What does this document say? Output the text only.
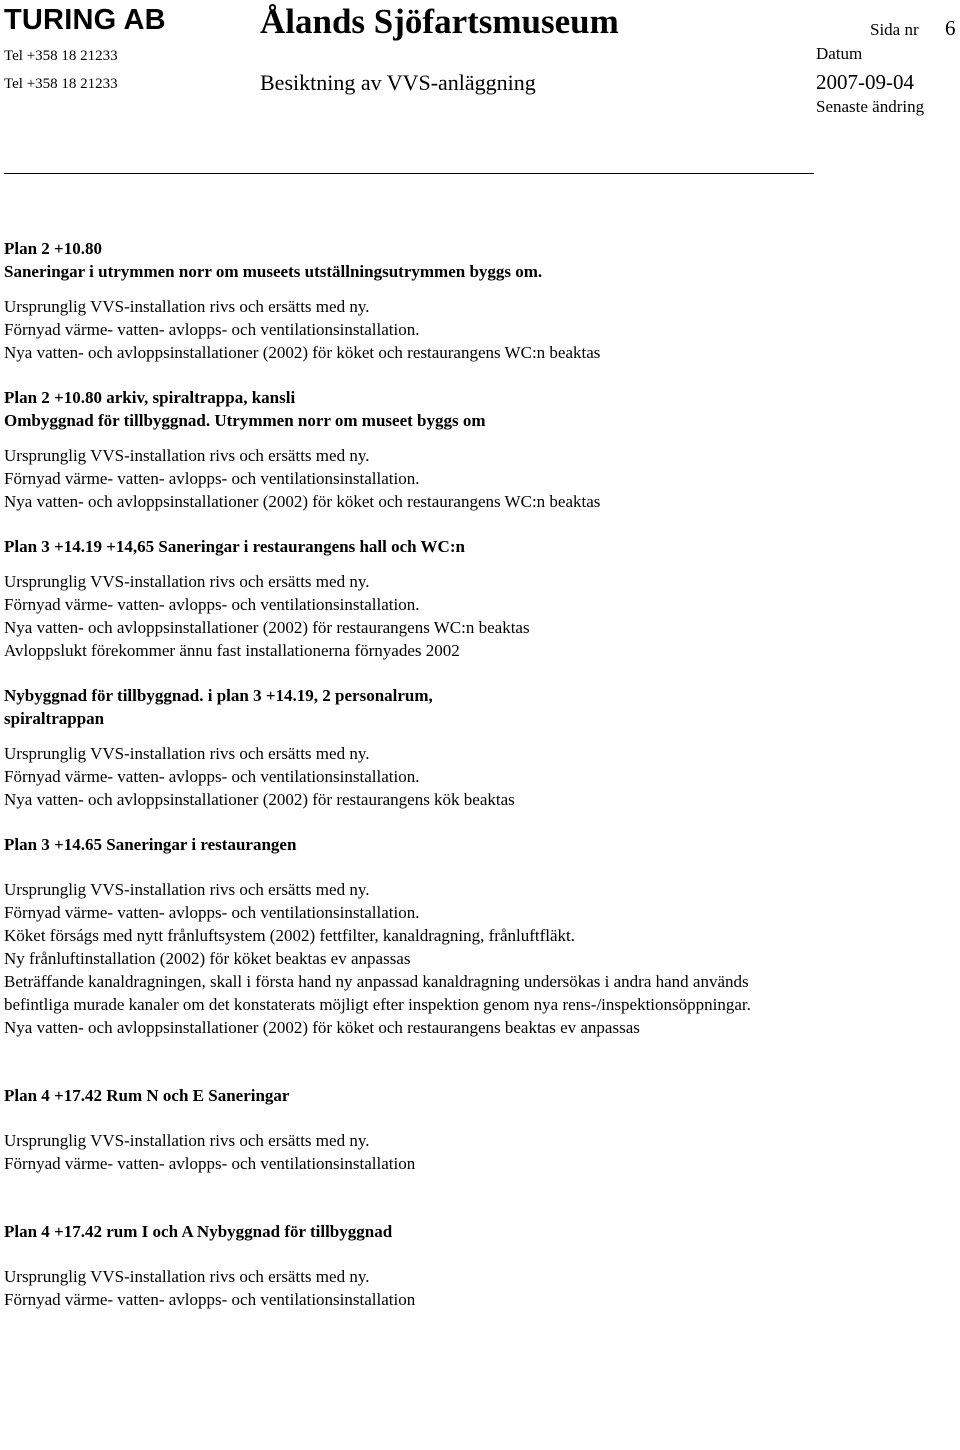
TURING AB	Ålands Sjöfartsmuseum	Sida nr 6
Tel +358 18 21233
Tel +358 18 21233	Besiktning av VVS-anläggning
Datum
2007-09-04
Senaste ändring
Plan 2 +10.80
Saneringar i utrymmen norr om museets utställningsutrymmen byggs om.
Ursprunglig VVS-installation rivs och ersätts med ny.
Förnyad värme- vatten- avlopps- och ventilationsinstallation.
Nya vatten- och avloppsinstallationer (2002) för köket och restaurangens WC:n beaktas
Plan 2 +10.80 arkiv, spiraltrappa, kansli
Ombyggnad för tillbyggnad. Utrymmen norr om museet byggs om
Ursprunglig VVS-installation rivs och ersätts med ny.
Förnyad värme- vatten- avlopps- och ventilationsinstallation.
Nya vatten- och avloppsinstallationer (2002) för köket och restaurangens WC:n beaktas
Plan 3 +14.19 +14,65 Saneringar i restaurangens hall och WC:n
Ursprunglig VVS-installation rivs och ersätts med ny.
Förnyad värme- vatten- avlopps- och ventilationsinstallation.
Nya vatten- och avloppsinstallationer (2002) för restaurangens WC:n beaktas
Avloppslukt förekommer ännu fast installationerna förnyades 2002
Nybyggnad för tillbyggnad. i plan 3 +14.19, 2 personalrum,
spiraltrappan
Ursprunglig VVS-installation rivs och ersätts med ny.
Förnyad värme- vatten- avlopps- och ventilationsinstallation.
Nya vatten- och avloppsinstallationer (2002) för restaurangens kök beaktas
Plan 3 +14.65 Saneringar i restaurangen
Ursprunglig VVS-installation rivs och ersätts med ny.
Förnyad värme- vatten- avlopps- och ventilationsinstallation.
Köket förságs med nytt frånluftsystem (2002) fettfilter, kanaldragning, frånluftfläkt.
Ny frånluftinstallation (2002) för köket beaktas ev anpassas
Beträffande kanaldragningen, skall i första hand ny anpassad kanaldragning undersökas i andra hand används
befintliga murade kanaler om det konstaterats möjligt efter inspektion genom nya rens-/inspektionsöppningar.
Nya vatten- och avloppsinstallationer (2002) för köket och restaurangens beaktas ev anpassas
Plan 4 +17.42 Rum N och E Saneringar
Ursprunglig VVS-installation rivs och ersätts med ny.
Förnyad värme- vatten- avlopps- och ventilationsinstallation
Plan 4 +17.42 rum I och A Nybyggnad för tillbyggnad
Ursprunglig VVS-installation rivs och ersätts med ny.
Förnyad värme- vatten- avlopps- och ventilationsinstallation
